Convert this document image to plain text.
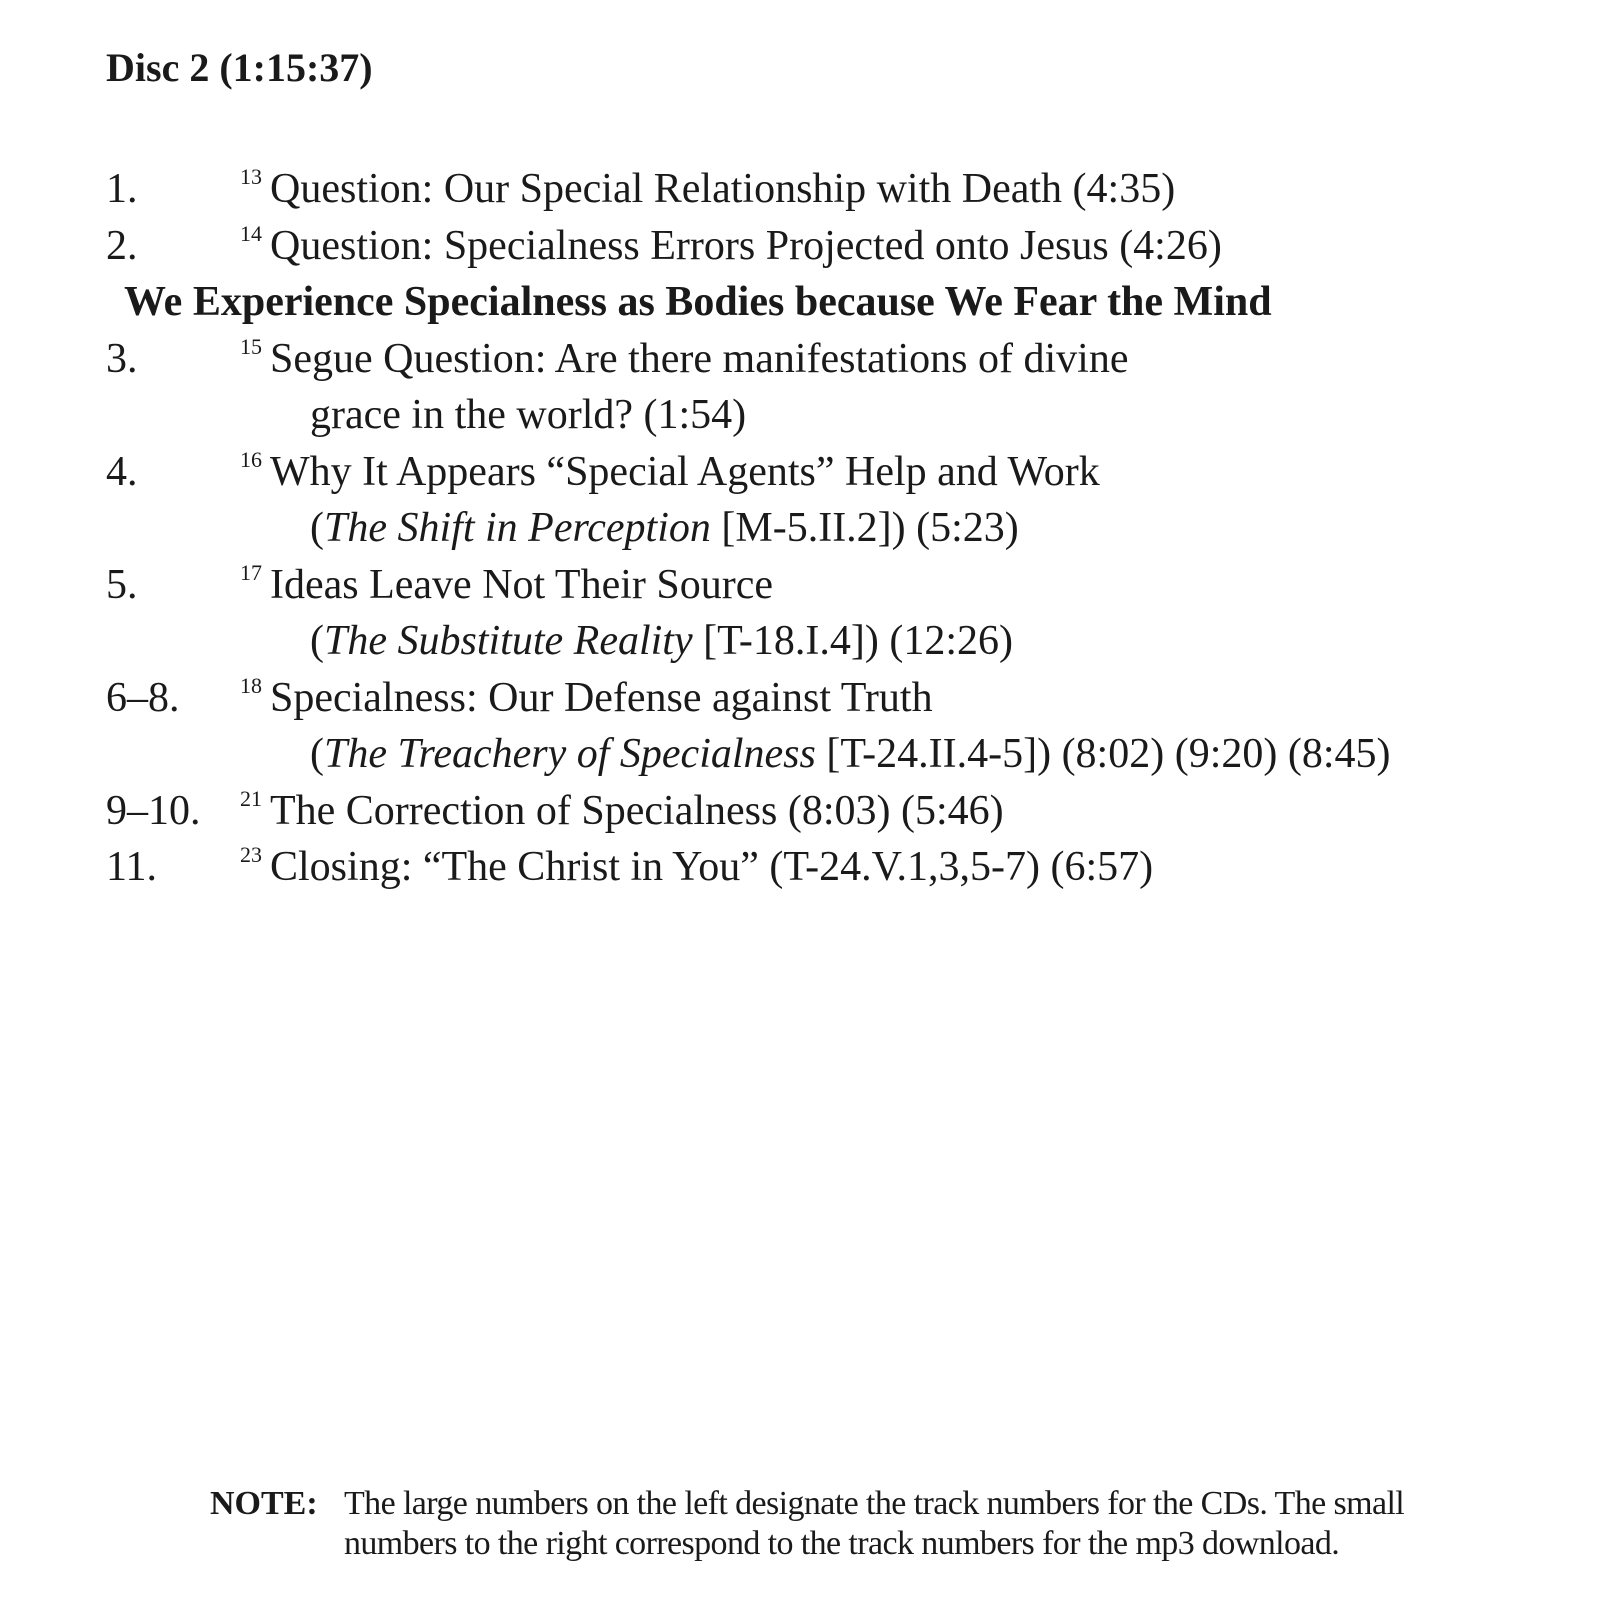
Disc 2 (1:15:37)
1.	13 Question: Our Special Relationship with Death (4:35)
2.	14 Question: Specialness Errors Projected onto Jesus (4:26)
We Experience Specialness as Bodies because We Fear the Mind
3.	15 Segue Question: Are there manifestations of divine
grace in the world? (1:54)
4.	16 Why It Appears “Special Agents” Help and Work
(The Shift in Perception [M-5.II.2]) (5:23)
5.	17 Ideas Leave Not Their Source
(The Substitute Reality [T-18.I.4]) (12:26)
6–8.	18 Specialness: Our Defense against Truth
(The Treachery of Specialness [T-24.II.4-5]) (8:02) (9:20) (8:45)
9–10. 21 The Correction of Specialness (8:03) (5:46)
11.	23 Closing: “The Christ in You” (T-24.V.1,3,5-7) (6:57)
NOTE: The large numbers on the left designate the track numbers for the CDs. The small
numbers to the right correspond to the track numbers for the mp3 download.
